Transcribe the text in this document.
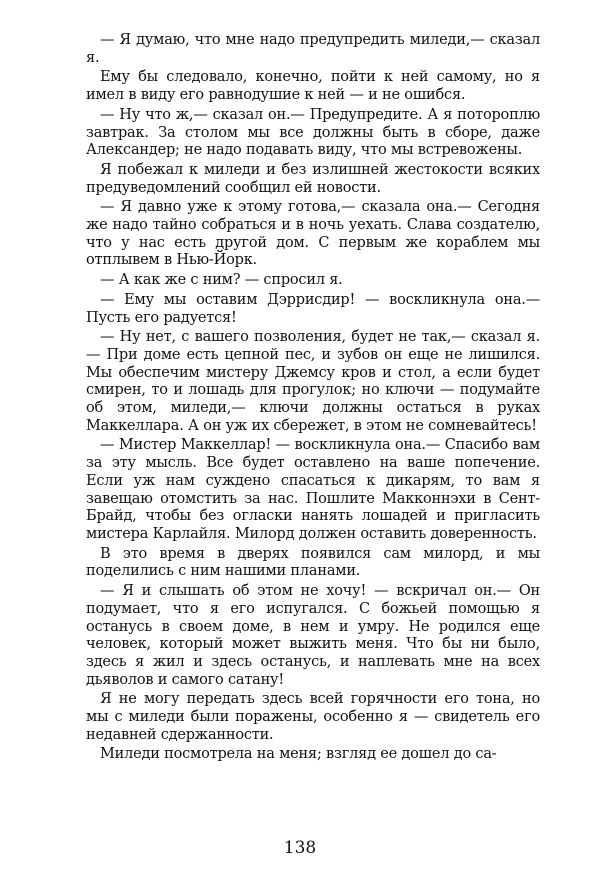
— Я думаю, что мне надо предупредить миледи,— сказал я.

Ему бы следовало, конечно, пойти к ней самому, но я имел в виду его равнодушие к ней — и не ошибся.

— Ну что ж,— сказал он.— Предупредите. А я потороплю завтрак. За столом мы все должны быть в сборе, даже Александер; не надо подавать виду, что мы встревожены.

Я побежал к миледи и без излишней жестокости всяких предуведомлений сообщил ей новости.

— Я давно уже к этому готова,— сказала она.— Сегодня же надо тайно собраться и в ночь уехать. Слава создателю, что у нас есть другой дом. С первым же кораблем мы отплывем в Нью-Йорк.

— А как же с ним? — спросил я.

— Ему мы оставим Дэррисдир! — воскликнула она.— Пусть его радуется!

— Ну нет, с вашего позволения, будет не так,— сказал я.— При доме есть цепной пес, и зубов он еще не лишился. Мы обеспечим мистеру Джемсу кров и стол, а если будет смирен, то и лошадь для прогулок; но ключи — подумайте об этом, миледи,— ключи должны остаться в руках Маккеллара. А он уж их сбережет, в этом не сомневайтесь!

— Мистер Маккеллар! — воскликнула она.— Спасибо вам за эту мысль. Все будет оставлено на ваше попечение. Если уж нам суждено спасаться к дикарям, то вам я завещаю отомстить за нас. Пошлите Макконнэхи в Сент-Брайд, чтобы без огласки нанять лошадей и пригласить мистера Карлайля. Милорд должен оставить доверенность.

В это время в дверях появился сам милорд, и мы поделились с ним нашими планами.

— Я и слышать об этом не хочу! — вскричал он.— Он подумает, что я его испугался. С божьей помощью я останусь в своем доме, в нем и умру. Не родился еще человек, который может выжить меня. Что бы ни было, здесь я жил и здесь останусь, и наплевать мне на всех дьяволов и самого сатану!

Я не могу передать здесь всей горячности его тона, но мы с миледи были поражены, особенно я — свидетель его недавней сдержанности.

Миледи посмотрела на меня; взгляд ее дошел до са-

138
